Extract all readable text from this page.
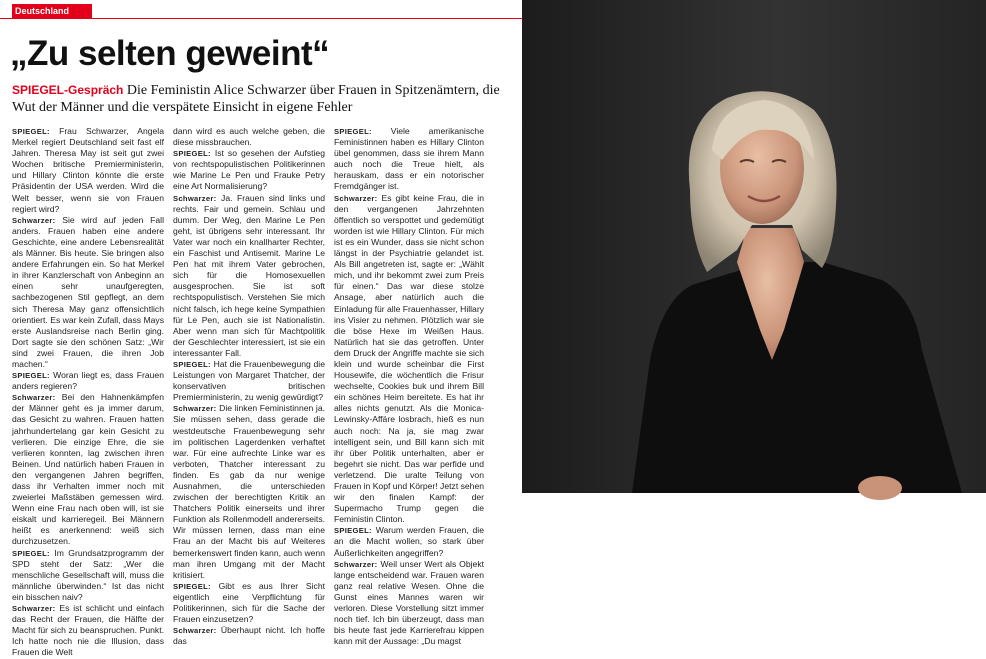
Deutschland
„Zu selten geweint“

SPIEGEL-Gespräch Die Feministin Alice Schwarzer über Frauen in Spitzenämtern, die Wut der Männer und die verspätete Einsicht in eigene Fehler

SPIEGEL: Frau Schwarzer, Angela Merkel regiert Deutschland seit fast elf Jahren. Theresa May ist seit gut zwei Wochen britische Premierministerin, und Hillary Clinton könnte die erste Präsidentin der USA werden. Wird die Welt besser, wenn sie von Frauen regiert wird?

Schwarzer: Sie wird auf jeden Fall anders. Frauen haben eine andere Geschichte, eine andere Lebensrealität als Männer. Bis heute. Sie bringen also andere Erfahrungen ein. So hat Merkel in ihrer Kanzlerschaft von Anbeginn an einen sehr unaufgeregten, sachbezogenen Stil gepflegt, an dem sich Theresa May ganz offensichtlich orientiert. Es war kein Zufall, dass Mays erste Auslandsreise nach Berlin ging. Dort sagte sie den schönen Satz: „Wir sind zwei Frauen, die ihren Job machen.“

SPIEGEL: Woran liegt es, dass Frauen anders regieren?

Schwarzer: Bei den Hahnenkämpfen der Männer geht es ja immer darum, das Gesicht zu wahren. Frauen hatten jahrhundertelang gar kein Gesicht zu verlieren. Die einzige Ehre, die sie verlieren konnten, lag zwischen ihren Beinen. Und natürlich haben Frauen in den vergangenen Jahren begriffen, dass ihr Verhalten immer noch mit zweierlei Maßstäben gemessen wird. Wenn eine Frau nach oben will, ist sie eiskalt und karrieregeil. Bei Männern heißt es anerkennend: weiß sich durchzusetzen.

SPIEGEL: Im Grundsatzprogramm der SPD steht der Satz: „Wer die menschliche Gesellschaft will, muss die männliche überwinden.“ Ist das nicht ein bisschen naiv?

Schwarzer: Es ist schlicht und einfach das Recht der Frauen, die Hälfte der Macht für sich zu beanspruchen. Punkt. Ich hatte noch nie die Illusion, dass Frauen die Welt

dann wird es auch welche geben, die diese missbrauchen.

SPIEGEL: Ist so gesehen der Aufstieg von rechtspopulistischen Politikerinnen wie Marine Le Pen und Frauke Petry eine Art Normalisierung?

Schwarzer: Ja. Frauen sind links und rechts. Fair und gemein. Schlau und dumm. Der Weg, den Marine Le Pen geht, ist übrigens sehr interessant. Ihr Vater war noch ein knallharter Rechter, ein Faschist und Antisemit. Marine Le Pen hat mit ihrem Vater gebrochen, sich für die Homosexuellen ausgesprochen. Sie ist soft rechtspopulistisch. Verstehen Sie mich nicht falsch, ich hege keine Sympathien für Le Pen, auch sie ist Nationalistin. Aber wenn man sich für Machtpolitik der Geschlechter interessiert, ist sie ein interessanter Fall.

SPIEGEL: Hat die Frauenbewegung die Leistungen von Margaret Thatcher, der konservativen britischen Premierministerin, zu wenig gewürdigt?

Schwarzer: Die linken Feministinnen ja. Sie müssen sehen, dass gerade die westdeutsche Frauenbewegung sehr im politischen Lagerdenken verhaftet war. Für eine aufrechte Linke war es verboten, Thatcher interessant zu finden. Es gab da nur wenige Ausnahmen, die unterschieden zwischen der berechtigten Kritik an Thatchers Politik einerseits und ihrer Funktion als Rollenmodell andererseits. Wir müssen lernen, dass man eine Frau an der Macht bis auf Weiteres bemerkenswert finden kann, auch wenn man ihren Umgang mit der Macht kritisiert.

SPIEGEL: Gibt es aus Ihrer Sicht eigentlich eine Verpflichtung für Politikerinnen, sich für die Sache der Frauen einzusetzen?

Schwarzer: Überhaupt nicht. Ich hoffe das

SPIEGEL: Viele amerikanische Feministinnen haben es Hillary Clinton übel genommen, dass sie ihrem Mann auch noch die Treue hielt, als herauskam, dass er ein notorischer Fremdgänger ist.

Schwarzer: Es gibt keine Frau, die in den vergangenen Jahrzehnten öffentlich so verspottet und gedemütigt worden ist wie Hillary Clinton. Für mich ist es ein Wunder, dass sie nicht schon längst in der Psychiatrie gelandet ist. Als Bill angetreten ist, sagte er: „Wählt mich, und ihr bekommt zwei zum Preis für einen.“ Das war diese stolze Ansage, aber natürlich auch die Einladung für alle Frauenhasser, Hillary ins Visier zu nehmen. Plötzlich war sie die böse Hexe im Weißen Haus. Natürlich hat sie das getroffen. Unter dem Druck der Angriffe machte sie sich klein und wurde scheinbar die First Housewife, die wöchentlich die Frisur wechselte, Cookies buk und ihrem Bill ein schönes Heim bereitete. Es hat ihr alles nichts genutzt. Als die Monica-Lewinsky-Affäre losbrach, hieß es nun auch noch: Na ja, sie mag zwar intelligent sein, und Bill kann sich mit ihr über Politik unterhalten, aber er begehrt sie nicht. Das war perfide und verletzend. Die uralte Teilung von Frauen in Kopf und Körper! Jetzt sehen wir den finalen Kampf: der Supermacho Trump gegen die Feministin Clinton.

SPIEGEL: Warum werden Frauen, die an die Macht wollen, so stark über Äußerlichkeiten angegriffen?

Schwarzer: Weil unser Wert als Objekt lange entscheidend war. Frauen waren ganz real relative Wesen. Ohne die Gunst eines Mannes waren wir verloren. Diese Vorstellung sitzt immer noch tief. Ich bin überzeugt, dass man bis heute fast jede Karrierefrau kippen kann mit der Aussage: „Du magst
